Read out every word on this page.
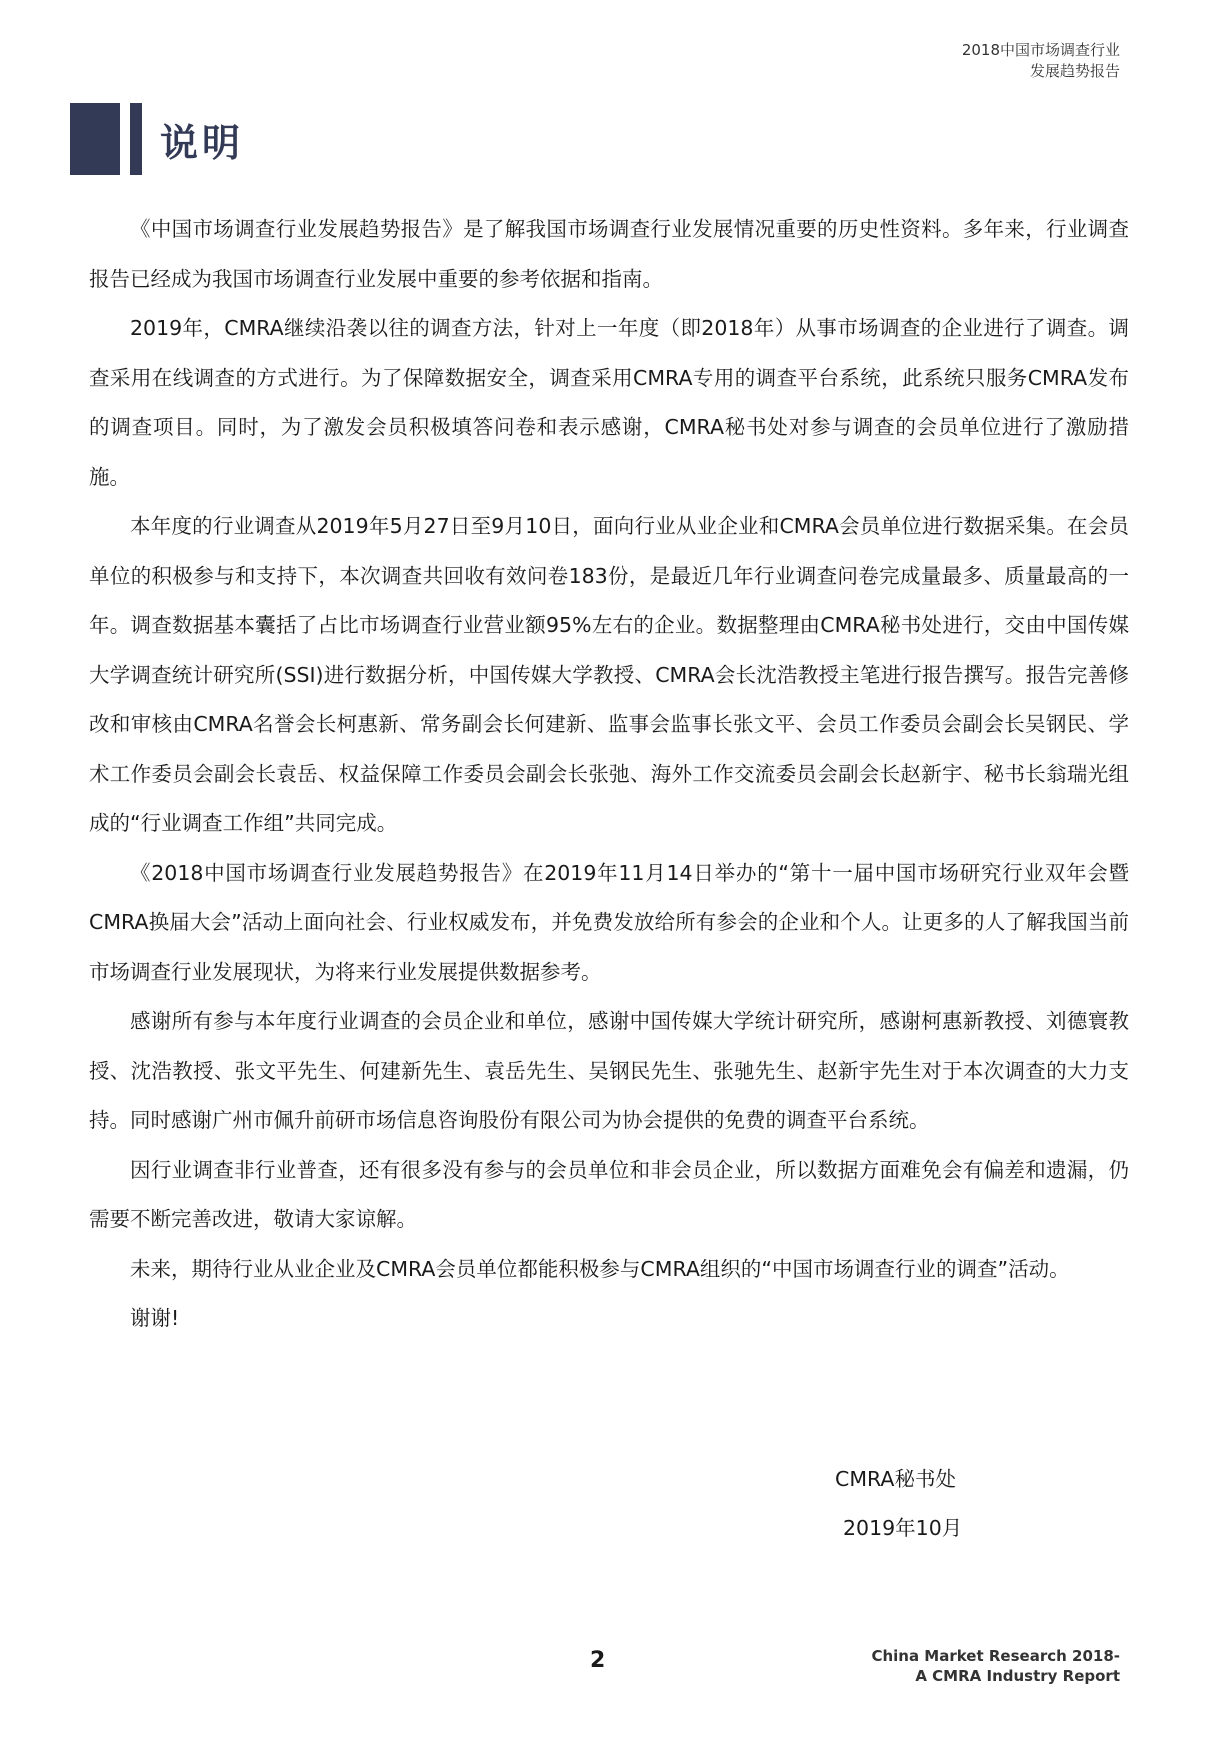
2018中国市场调查行业
发展趋势报告
说明

《中国市场调查行业发展趋势报告》是了解我国市场调查行业发展情况重要的历史性资料。多年来，行业调查报告已经成为我国市场调查行业发展中重要的参考依据和指南。

2019年，CMRA继续沿袭以往的调查方法，针对上一年度（即2018年）从事市场调查的企业进行了调查。调查采用在线调查的方式进行。为了保障数据安全，调查采用CMRA专用的调查平台系统，此系统只服务CMRA发布的调查项目。同时，为了激发会员积极填答问卷和表示感谢，CMRA秘书处对参与调查的会员单位进行了激励措施。

本年度的行业调查从2019年5月27日至9月10日，面向行业从业企业和CMRA会员单位进行数据采集。在会员单位的积极参与和支持下，本次调查共回收有效问卷183份，是最近几年行业调查问卷完成量最多、质量最高的一年。调查数据基本囊括了占比市场调查行业营业额95%左右的企业。数据整理由CMRA秘书处进行，交由中国传媒大学调查统计研究所(SSI)进行数据分析，中国传媒大学教授、CMRA会长沈浩教授主笔进行报告撰写。报告完善修改和审核由CMRA名誉会长柯惠新、常务副会长何建新、监事会监事长张文平、会员工作委员会副会长吴钢民、学术工作委员会副会长袁岳、权益保障工作委员会副会长张弛、海外工作交流委员会副会长赵新宇、秘书长翁瑞光组成的“行业调查工作组”共同完成。

《2018中国市场调查行业发展趋势报告》在2019年11月14日举办的“第十一届中国市场研究行业双年会暨CMRA换届大会”活动上面向社会、行业权威发布，并免费发放给所有参会的企业和个人。让更多的人了解我国当前市场调查行业发展现状，为将来行业发展提供数据参考。

感谢所有参与本年度行业调查的会员企业和单位，感谢中国传媒大学统计研究所，感谢柯惠新教授、刘德寰教授、沈浩教授、张文平先生、何建新先生、袁岳先生、吴钢民先生、张驰先生、赵新宇先生对于本次调查的大力支持。同时感谢广州市佩升前研市场信息咨询股份有限公司为协会提供的免费的调查平台系统。

因行业调查非行业普查，还有很多没有参与的会员单位和非会员企业，所以数据方面难免会有偏差和遗漏，仍需要不断完善改进，敬请大家谅解。

未来，期待行业从业企业及CMRA会员单位都能积极参与CMRA组织的“中国市场调查行业的调查”活动。

谢谢!

CMRA秘书处
2019年10月
2	China Market Research 2018-
A CMRA Industry Report
